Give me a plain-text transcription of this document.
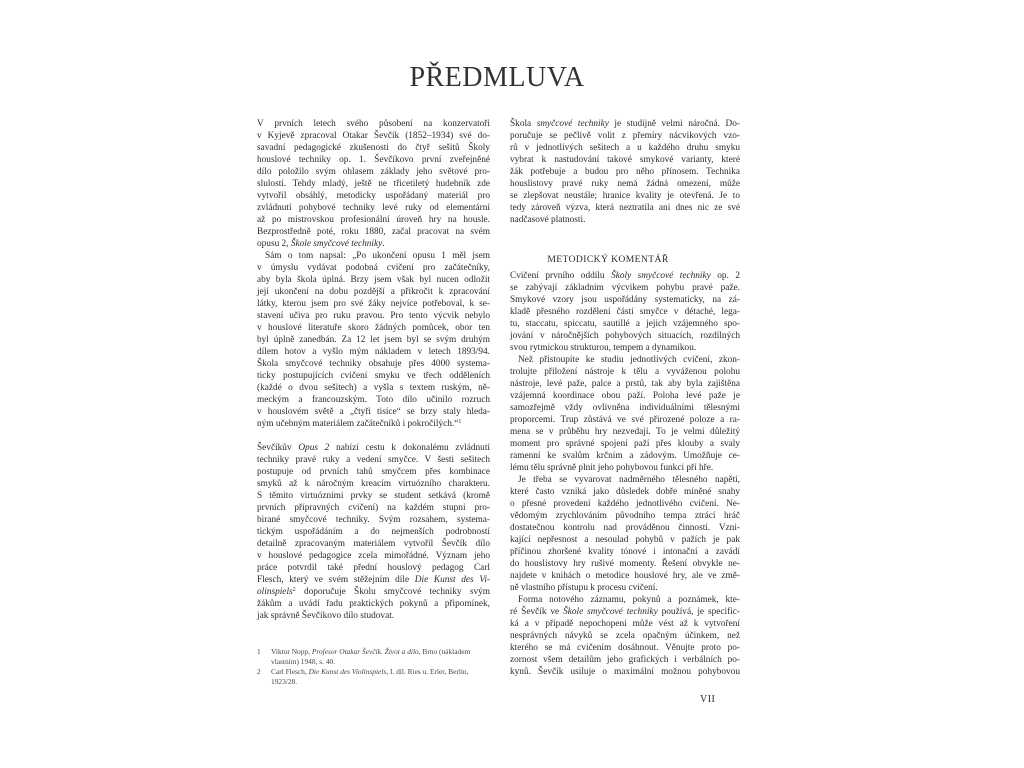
PŘEDMLUVA
V prvních letech svého působení na konzervatoři
v Kyjevě zpracoval Otakar Ševčík (1852–1934) své do-
savadní pedagogické zkušenosti do čtyř sešitů Školy
houslové techniky op. 1. Ševčíkovo první zveřejněné
dílo položilo svým ohlasem základy jeho světové pro-
slulosti. Tehdy mladý, ještě ne třicetiletý hudebník zde
vytvořil obsáhlý, metodicky uspořádaný materiál pro
zvládnutí pohybové techniky levé ruky od elementární
až po mistrovskou profesionální úroveň hry na housle.
Bezprostředně poté, roku 1880, začal pracovat na svém
opusu 2, Škole smyčcové techniky.
Sám o tom napsal: „Po ukončení opusu 1 měl jsem
v úmyslu vydávat podobná cvičení pro začátečníky,
aby byla škola úplná. Brzy jsem však byl nucen odložit
její ukončení na dobu pozdější a přikročit k zpracování
látky, kterou jsem pro své žáky nejvíce potřeboval, k se-
stavení učiva pro ruku pravou. Pro tento výcvik nebylo
v houslové literatuře skoro žádných pomůcek, obor ten
byl úplně zanedbán. Za 12 let jsem byl se svým druhým
dílem hotov a vyšlo mým nákladem v letech 1893/94.
Škola smyčcové techniky obsahuje přes 4000 systema-
ticky postupujících cvičení smyku ve třech odděleních
(každé o dvou sešitech) a vyšla s textem ruským, ně-
meckým a francouzským. Toto dílo učinilo rozruch
v houslovém světě a „čtyři tisíce“ se brzy staly hleda-
ným učebným materiálem začátečníků i pokročilých.“$^1$
Ševčíkův Opus 2 nabízí cestu k dokonalému zvládnutí
techniky pravé ruky a vedení smyčce. V šesti sešitech
postupuje od prvních tahů smyčcem přes kombinace
smyků až k náročným kreacím virtuózního charakteru.
S těmito virtuózními prvky se student setkává (kromě
prvních přípravných cvičení) na každém stupni pro-
birané smyčcové techniky. Svým rozsahem, systema-
tickým uspořádáním a do nejmenších podrobností
detailně zpracovaným materiálem vytvořil Ševčík dílo
v houslové pedagogice zcela mimořádné. Význam jeho
práce potvrdil také přední houslový pedagog Carl
Flesch, který ve svém stěžejním díle Die Kunst des Vi-
olinspiels$^2$ doporučuje Školu smyčcové techniky svým
žákům a uvádí řadu praktických pokynů a připomínek,
jak správně Ševčíkovo dílo studovat.

1 Viktor Nopp, Profesor Otakar Ševčík. Život a dílo, Brno (nákladem vlastním) 1948, s. 40.

2 Carl Flesch, Die Kunst des Violinspiels, I. díl. Ries u. Erler, Berlin, 1923/28.

Škola smyčcové techniky je studijně velmi náročná. Do-
poručuje se pečlivě volit z přemíry nácvikových vzo-
rů v jednotlivých sešitech a u každého druhu smyku
vybrat k nastudování takové smykové varianty, které
žák potřebuje a budou pro něho přínosem. Technika
houslistovy pravé ruky nemá žádná omezení, může
se zlepšovat neustále; hranice kvality je otevřená. Je to
tedy zároveň výzva, která neztratila ani dnes nic ze své
nadčasové platnosti.
METODICKÝ KOMENTÁŘ
Cvičení prvního oddílu Školy smyčcové techniky op. 2
se zabývají základním výcvikem pohybu pravé paže.
Smykové vzory jsou uspořádány systematicky, na zá-
kladě přesného rozdělení částí smyčce v détaché, lega-
tu, staccatu, spiccatu, sautillé a jejich vzájemného spo-
jování v náročnějších pohybových situacích, rozdílných
svou rytmickou strukturou, tempem a dynamikou.
Než přistoupíte ke studiu jednotlivých cvičení, zkon-
trolujte přiložení nástroje k tělu a vyváženou polohu
nástroje, levé paže, palce a prstů, tak aby byla zajištěna
vzájemná koordinace obou paží. Poloha levé paže je
samozřejmě vždy ovlivněna individuálními tělesnými
proporcemi. Trup zůstává ve své přirozené poloze a ra-
mena se v průběhu hry nezvedají. To je velmi důležitý
moment pro správné spojení paží přes klouby a svaly
ramenní ke svalům krčním a zádovým. Umožňuje ce-
lému tělu správně plnit jeho pohybovou funkci při hře.
Je třeba se vyvarovat nadměrného tělesného napětí,
které často vzniká jako důsledek dobře míněné snahy
o přesné provedení každého jednotlivého cvičení. Ne-
vědomým zrychlováním původního tempa ztrácí hráč
dostatečnou kontrolu nad prováděnou činností. Vzni-
kající nepřesnost a nesoulad pohybů v pažích je pak
příčinou zhoršené kvality tónové i intonační a zavádí
do houslistovy hry rušivé momenty. Řešení obvykle ne-
najdete v knihách o metodice houslové hry, ale ve změ-
ně vlastního přístupu k procesu cvičení.
Forma notového záznamu, pokynů a poznámek, kte-
ré Ševčík ve Škole smyčcové techniky používá, je specific-
ká a v případě nepochopení může vést až k vytvoření
nesprávných návyků se zcela opačným účinkem, než
kterého se má cvičením dosáhnout. Věnujte proto po-
zornost všem detailům jeho grafických i verbálních po-
kynů. Ševčík usiluje o maximální možnou pohybovou
VII
